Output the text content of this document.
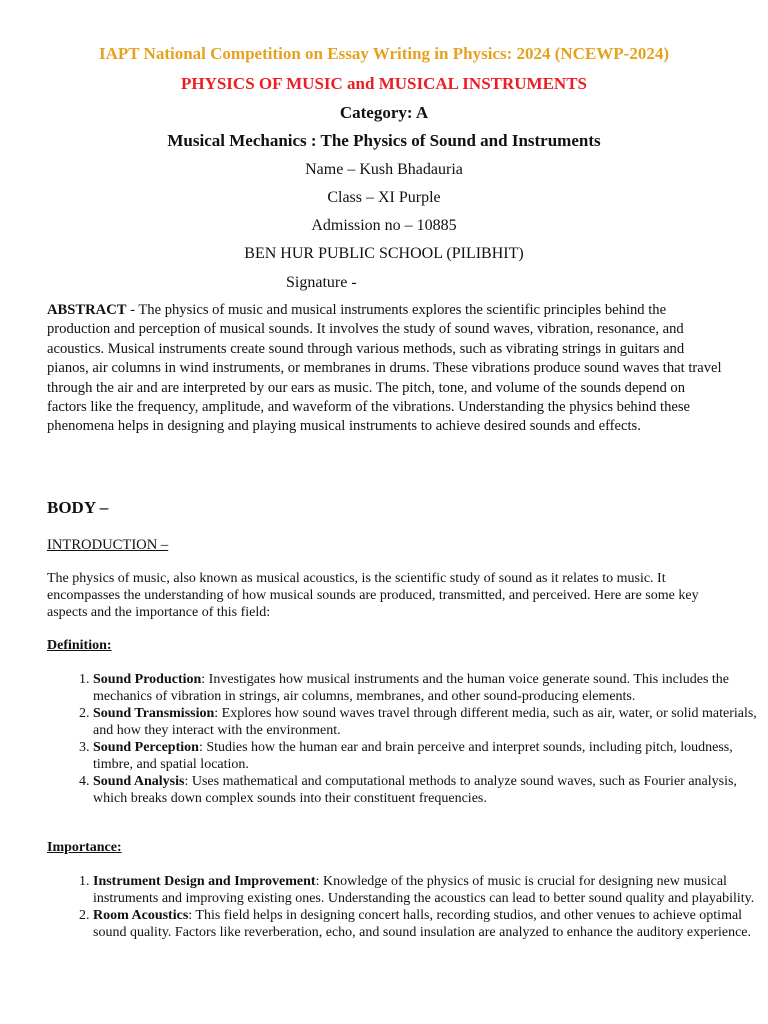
IAPT National Competition on Essay Writing in Physics: 2024 (NCEWP-2024)
PHYSICS OF MUSIC and MUSICAL INSTRUMENTS
Category: A
Musical Mechanics : The Physics of Sound and Instruments
Name – Kush Bhadauria
Class – XI Purple
Admission no – 10885
BEN HUR PUBLIC SCHOOL (PILIBHIT)
Signature -
ABSTRACT - The physics of music and musical instruments explores the scientific principles behind the production and perception of musical sounds. It involves the study of sound waves, vibration, resonance, and acoustics. Musical instruments create sound through various methods, such as vibrating strings in guitars and pianos, air columns in wind instruments, or membranes in drums. These vibrations produce sound waves that travel through the air and are interpreted by our ears as music. The pitch, tone, and volume of the sounds depend on factors like the frequency, amplitude, and waveform of the vibrations. Understanding the physics behind these phenomena helps in designing and playing musical instruments to achieve desired sounds and effects.
BODY –
INTRODUCTION –
The physics of music, also known as musical acoustics, is the scientific study of sound as it relates to music. It encompasses the understanding of how musical sounds are produced, transmitted, and perceived. Here are some key aspects and the importance of this field:
Definition:
1. Sound Production: Investigates how musical instruments and the human voice generate sound. This includes the mechanics of vibration in strings, air columns, membranes, and other sound-producing elements.
2. Sound Transmission: Explores how sound waves travel through different media, such as air, water, or solid materials, and how they interact with the environment.
3. Sound Perception: Studies how the human ear and brain perceive and interpret sounds, including pitch, loudness, timbre, and spatial location.
4. Sound Analysis: Uses mathematical and computational methods to analyze sound waves, such as Fourier analysis, which breaks down complex sounds into their constituent frequencies.
Importance:
1. Instrument Design and Improvement: Knowledge of the physics of music is crucial for designing new musical instruments and improving existing ones. Understanding the acoustics can lead to better sound quality and playability.
2. Room Acoustics: This field helps in designing concert halls, recording studios, and other venues to achieve optimal sound quality. Factors like reverberation, echo, and sound insulation are analyzed to enhance the auditory experience.
